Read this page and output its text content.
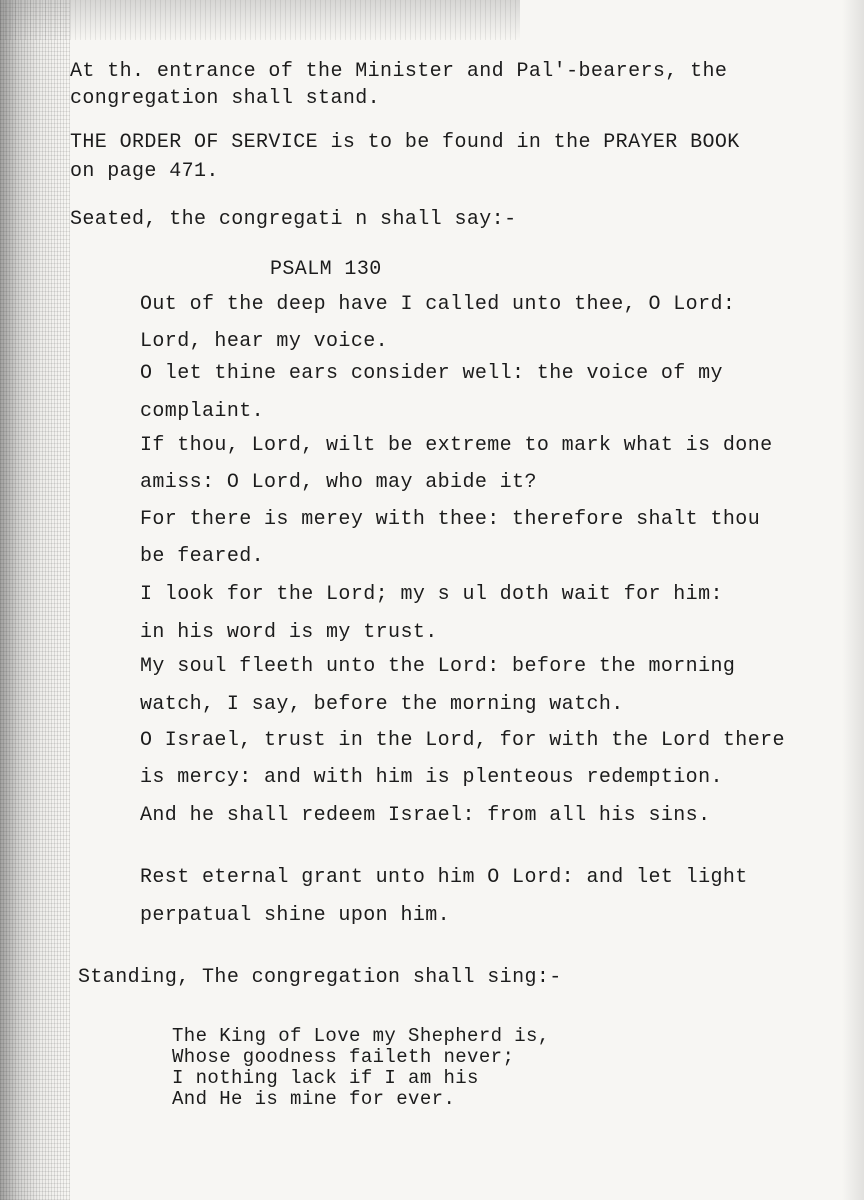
At th. entrance of the Minister and Pal'-bearers, the
congregation shall stand.
THE ORDER OF SERVICE is to be found in the PRAYER BOOK
on page 471.
Seated, the congregati n shall say:-
PSALM 130
Out of the deep have I called unto thee, O Lord:
Lord, hear my voice.
O let thine ears consider well: the voice of my
complaint.
If thou, Lord, wilt be extreme to mark what is done
amiss: O Lord, who may abide it?
For there is merey with thee: therefore shalt thou
be feared.
I look for the Lord; my s ul doth wait for him:
in his word is my trust.
My soul fleeth unto the Lord: before the morning
watch, I say, before the morning watch.
O Israel, trust in the Lord, for with the Lord there
is mercy: and with him is plenteous redemption.
And he shall redeem Israel: from all his sins.
Rest eternal grant unto him O Lord: and let light
perpatual shine upon him.
Standing, The congregation shall sing:-
The King of Love my Shepherd is,
Whose goodness faileth never;
I nothing lack if I am his
And He is mine for ever.
